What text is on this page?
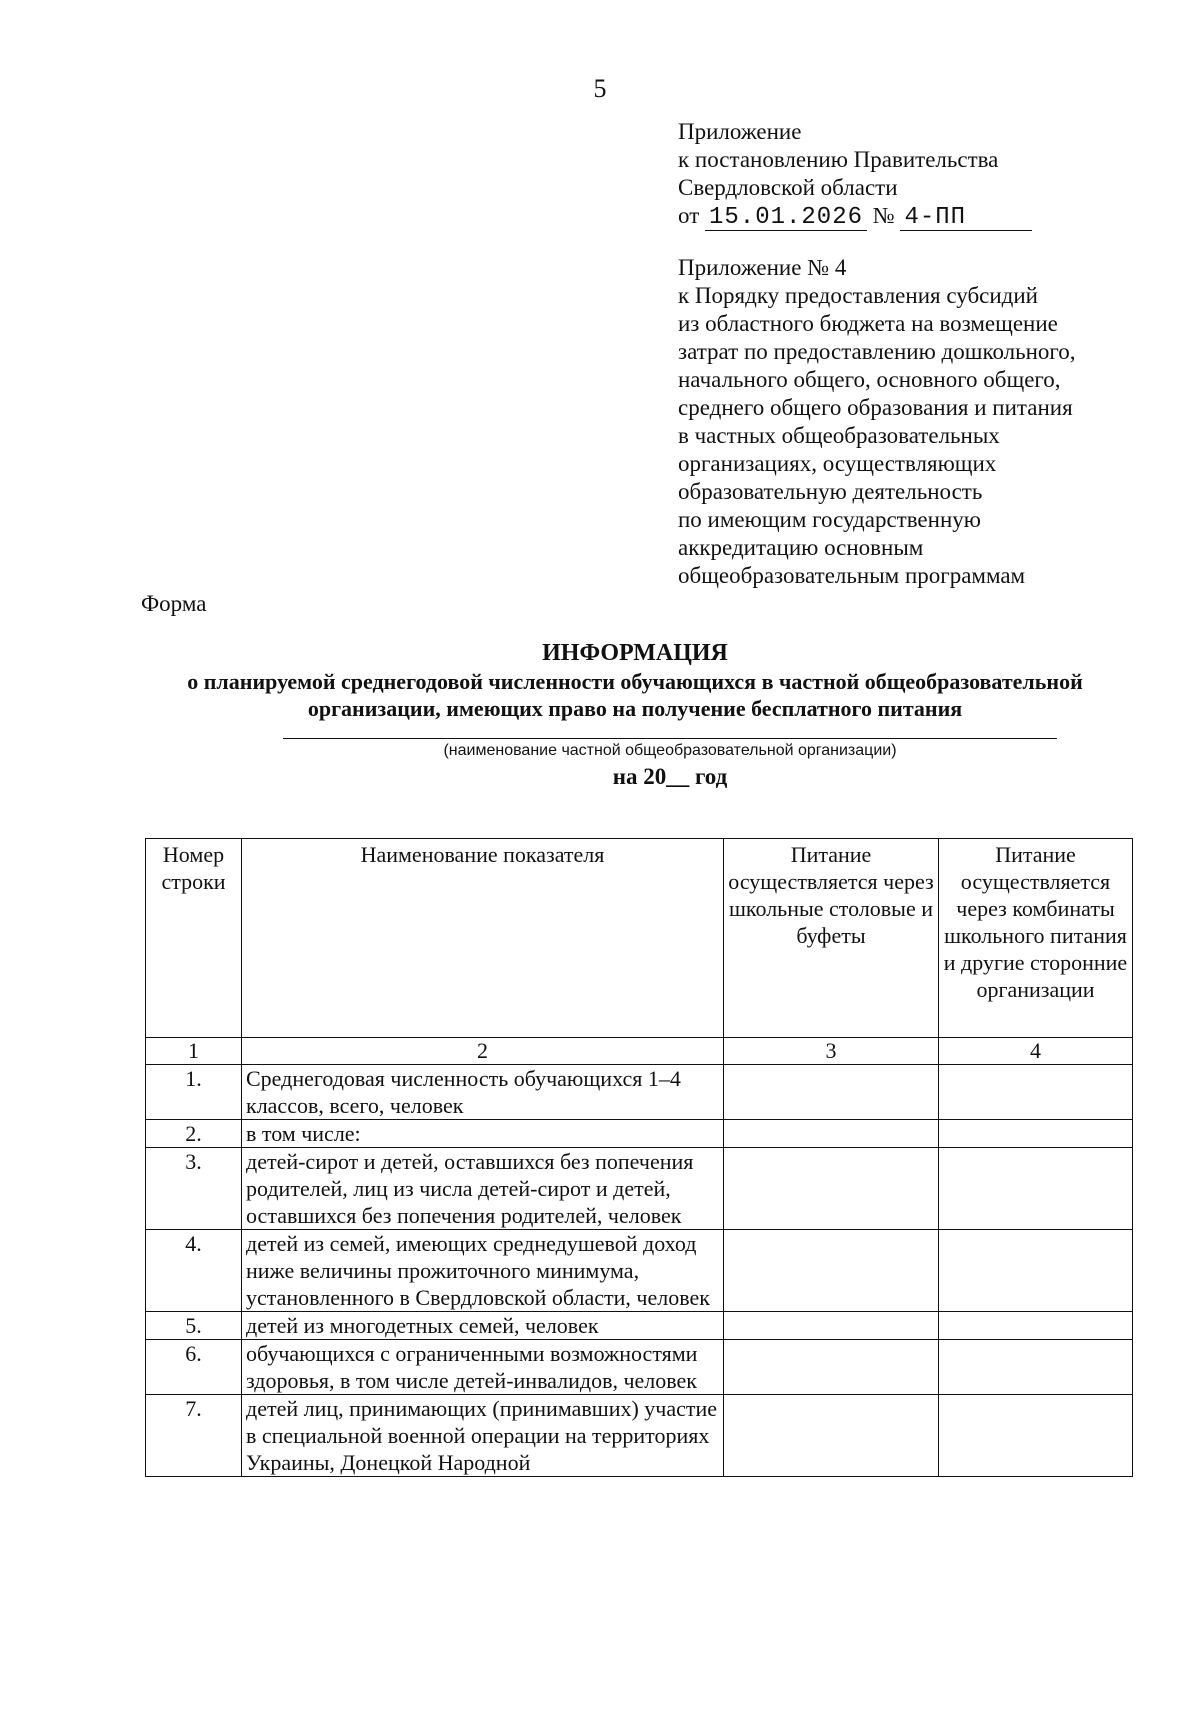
5
Приложение
к постановлению Правительства
Свердловской области
от 15.01.2026 № 4-ПП
Приложение № 4
к Порядку предоставления субсидий
из областного бюджета на возмещение
затрат по предоставлению дошкольного,
начального общего, основного общего,
среднего общего образования и питания
в частных общеобразовательных
организациях, осуществляющих
образовательную деятельность
по имеющим государственную
аккредитацию основным
общеобразовательным программам
Форма
ИНФОРМАЦИЯ
о планируемой среднегодовой численности обучающихся в частной общеобразовательной
организации, имеющих право на получение бесплатного питания
(наименование частной общеобразовательной организации)
на 20__ год
Номер строки	Наименование показателя	Питание осуществляется через школьные столовые и буфеты	Питание осуществляется через комбинаты школьного питания и другие сторонние организации
1	2	3	4
1.	Среднегодовая численность обучающихся 1–4 классов, всего, человек		
2.	в том числе:		
3.	детей-сирот и детей, оставшихся без попечения родителей, лиц из числа детей-сирот и детей, оставшихся без попечения родителей, человек		
4.	детей из семей, имеющих среднедушевой доход ниже величины прожиточного минимума, установленного в Свердловской области, человек		
5.	детей из многодетных семей, человек		
6.	обучающихся с ограниченными возможностями здоровья, в том числе детей-инвалидов, человек		
7.	детей лиц, принимающих (принимавших) участие в специальной военной операции на территориях Украины, Донецкой Народной		
